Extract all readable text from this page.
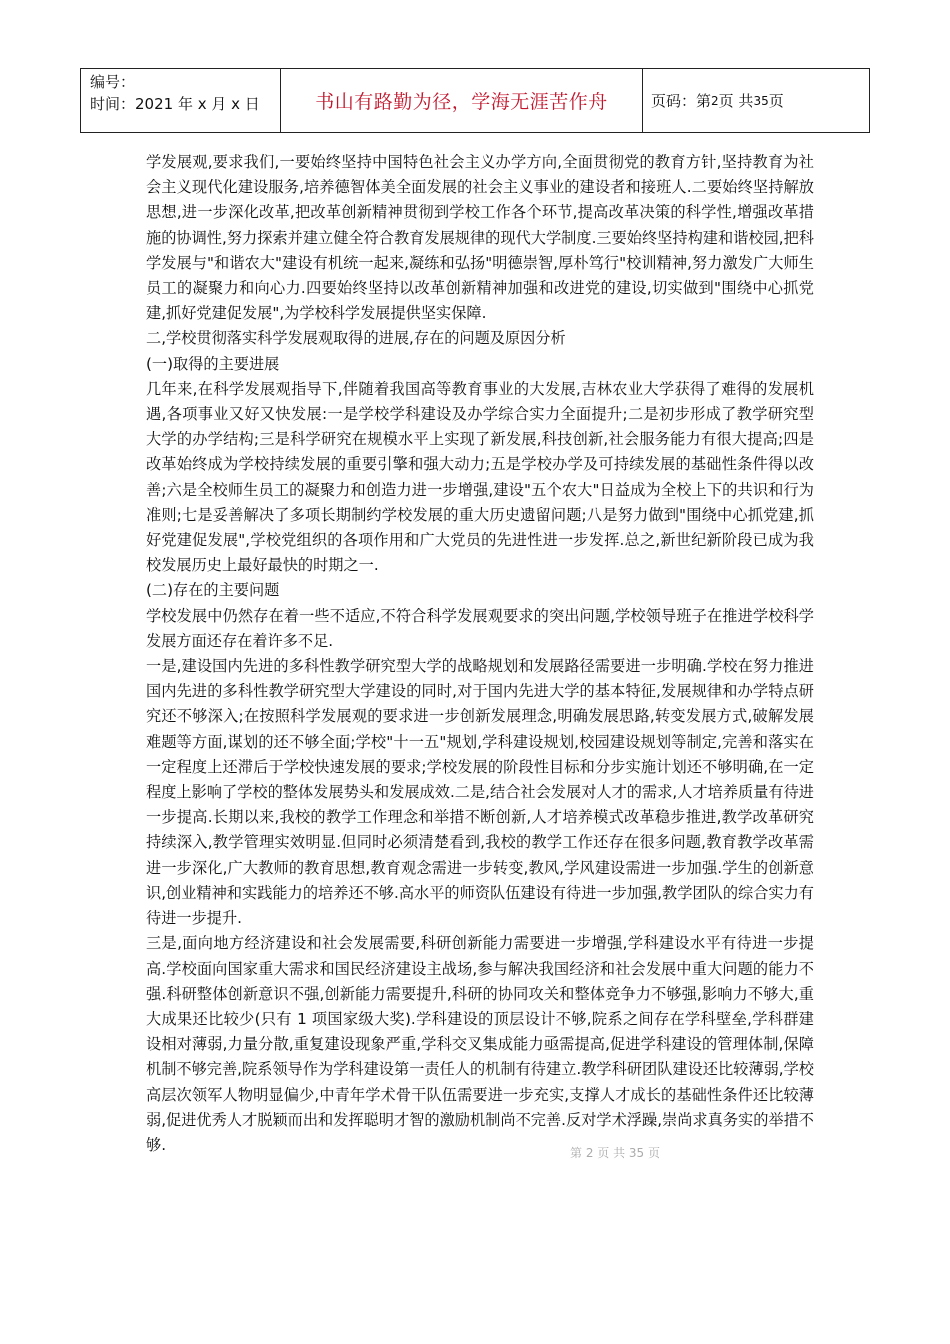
编号：
时间：2021 年 x 月 x 日	书山有路勤为径，学海无涯苦作舟	页码：第 2 页 共 35 页

学发展观,要求我们,一要始终坚持中国特色社会主义办学方向,全面贯彻党的教育方针,坚持教育为社会主义现代化建设服务,培养德智体美全面发展的社会主义事业的建设者和接班人.二要始终坚持解放思想,进一步深化改革,把改革创新精神贯彻到学校工作各个环节,提高改革决策的科学性,增强改革措施的协调性,努力探索并建立健全符合教育发展规律的现代大学制度.三要始终坚持构建和谐校园,把科学发展与"和谐农大"建设有机统一起来,凝练和弘扬"明德崇智,厚朴笃行"校训精神,努力激发广大师生员工的凝聚力和向心力.四要始终坚持以改革创新精神加强和改进党的建设,切实做到"围绕中心抓党建,抓好党建促发展",为学校科学发展提供坚实保障.

二,学校贯彻落实科学发展观取得的进展,存在的问题及原因分析

(一)取得的主要进展

几年来,在科学发展观指导下,伴随着我国高等教育事业的大发展,吉林农业大学获得了难得的发展机遇,各项事业又好又快发展:一是学校学科建设及办学综合实力全面提升;二是初步形成了教学研究型大学的办学结构;三是科学研究在规模水平上实现了新发展,科技创新,社会服务能力有很大提高;四是改革始终成为学校持续发展的重要引擎和强大动力;五是学校办学及可持续发展的基础性条件得以改善;六是全校师生员工的凝聚力和创造力进一步增强,建设"五个农大"日益成为全校上下的共识和行为准则;七是妥善解决了多项长期制约学校发展的重大历史遗留问题;八是努力做到"围绕中心抓党建,抓好党建促发展",学校党组织的各项作用和广大党员的先进性进一步发挥.总之,新世纪新阶段已成为我校发展历史上最好最快的时期之一.

(二)存在的主要问题

学校发展中仍然存在着一些不适应,不符合科学发展观要求的突出问题,学校领导班子在推进学校科学发展方面还存在着许多不足.

一是,建设国内先进的多科性教学研究型大学的战略规划和发展路径需要进一步明确.学校在努力推进国内先进的多科性教学研究型大学建设的同时,对于国内先进大学的基本特征,发展规律和办学特点研究还不够深入;在按照科学发展观的要求进一步创新发展理念,明确发展思路,转变发展方式,破解发展难题等方面,谋划的还不够全面;学校"十一五"规划,学科建设规划,校园建设规划等制定,完善和落实在一定程度上还滞后于学校快速发展的要求;学校发展的阶段性目标和分步实施计划还不够明确,在一定程度上影响了学校的整体发展势头和发展成效.二是,结合社会发展对人才的需求,人才培养质量有待进一步提高.长期以来,我校的教学工作理念和举措不断创新,人才培养模式改革稳步推进,教学改革研究持续深入,教学管理实效明显.但同时必须清楚看到,我校的教学工作还存在很多问题,教育教学改革需进一步深化,广大教师的教育思想,教育观念需进一步转变,教风,学风建设需进一步加强.学生的创新意识,创业精神和实践能力的培养还不够.高水平的师资队伍建设有待进一步加强,教学团队的综合实力有待进一步提升.

三是,面向地方经济建设和社会发展需要,科研创新能力需要进一步增强,学科建设水平有待进一步提高.学校面向国家重大需求和国民经济建设主战场,参与解决我国经济和社会发展中重大问题的能力不强.科研整体创新意识不强,创新能力需要提升,科研的协同攻关和整体竞争力不够强,影响力不够大,重大成果还比较少(只有 1 项国家级大奖).学科建设的顶层设计不够,院系之间存在学科壁垒,学科群建设相对薄弱,力量分散,重复建设现象严重,学科交叉集成能力亟需提高,促进学科建设的管理体制,保障机制不够完善,院系领导作为学科建设第一责任人的机制有待建立.教学科研团队建设还比较薄弱,学校高层次领军人物明显偏少,中青年学术骨干队伍需要进一步充实,支撑人才成长的基础性条件还比较薄弱,促进优秀人才脱颖而出和发挥聪明才智的激励机制尚不完善.反对学术浮躁,崇尚求真务实的举措不够.	第 2 页 共 35 页
